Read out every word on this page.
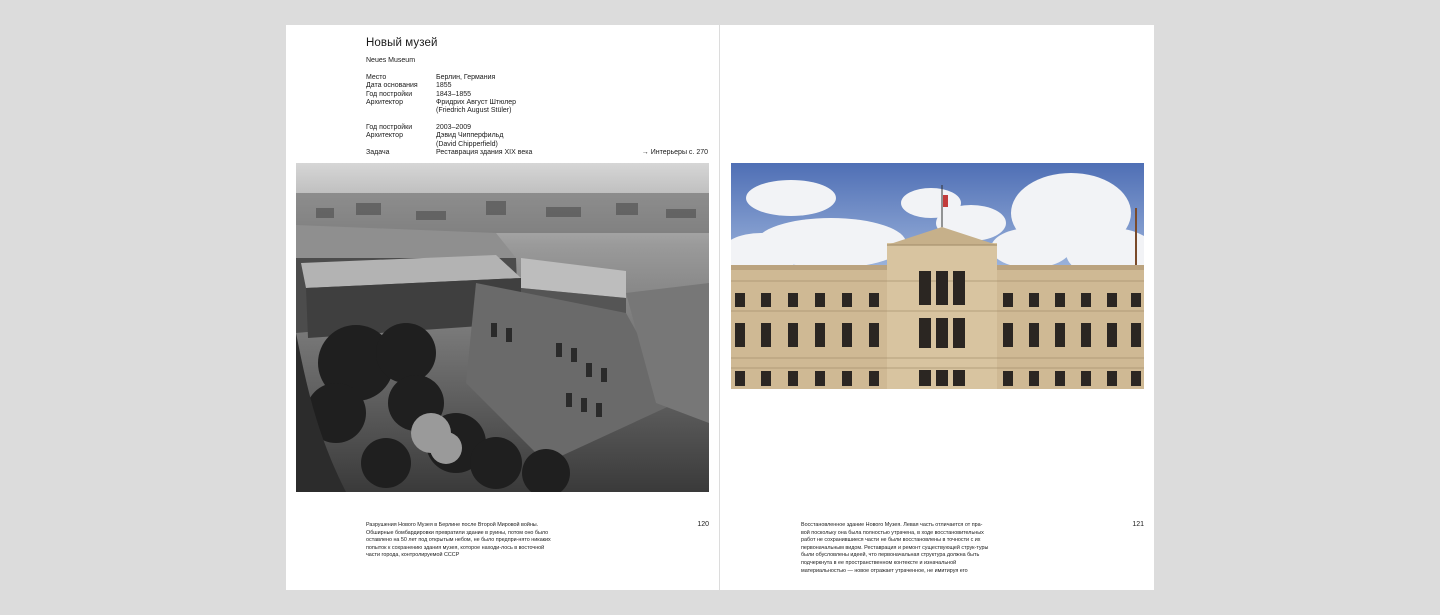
Новый музей
Neues Museum
Место	Берлин, Германия
Дата основания	1855
Год постройки	1843–1855
Архитектор	Фридрих Август Штюлер
(Friedrich August Stüler)
Год постройки	2003–2009
Архитектор	Дэвид Чипперфильд
(David Chipperfield)
Задача	Реставрация здания XIX века	→ Интерьеры с. 270
Разрушения Нового Музея в Берлине после Второй Мировой войны. Обширные бомбардировки превратили здание в руины, потом оно было оставлено на 50 лет под открытым небом, не было предпри-нято никаких попыток к сохранению здания музея, которое находи-лось в восточной части города, контролируемой СССР
120	Восстановленное здание Нового Музея. Левая часть отличается от пра-вой поскольку она была полностью утрачена, в ходе восстановительных работ не сохранившиеся части не были восстановлены в точности с их первоначальным видом. Реставрация и ремонт существующей струк-туры были обусловлены идеей, что первоначальная структура должна быть подчеркнута в ее пространственном контексте и изначальной материальностью — новое отражает утраченное, не имитируя его
121
